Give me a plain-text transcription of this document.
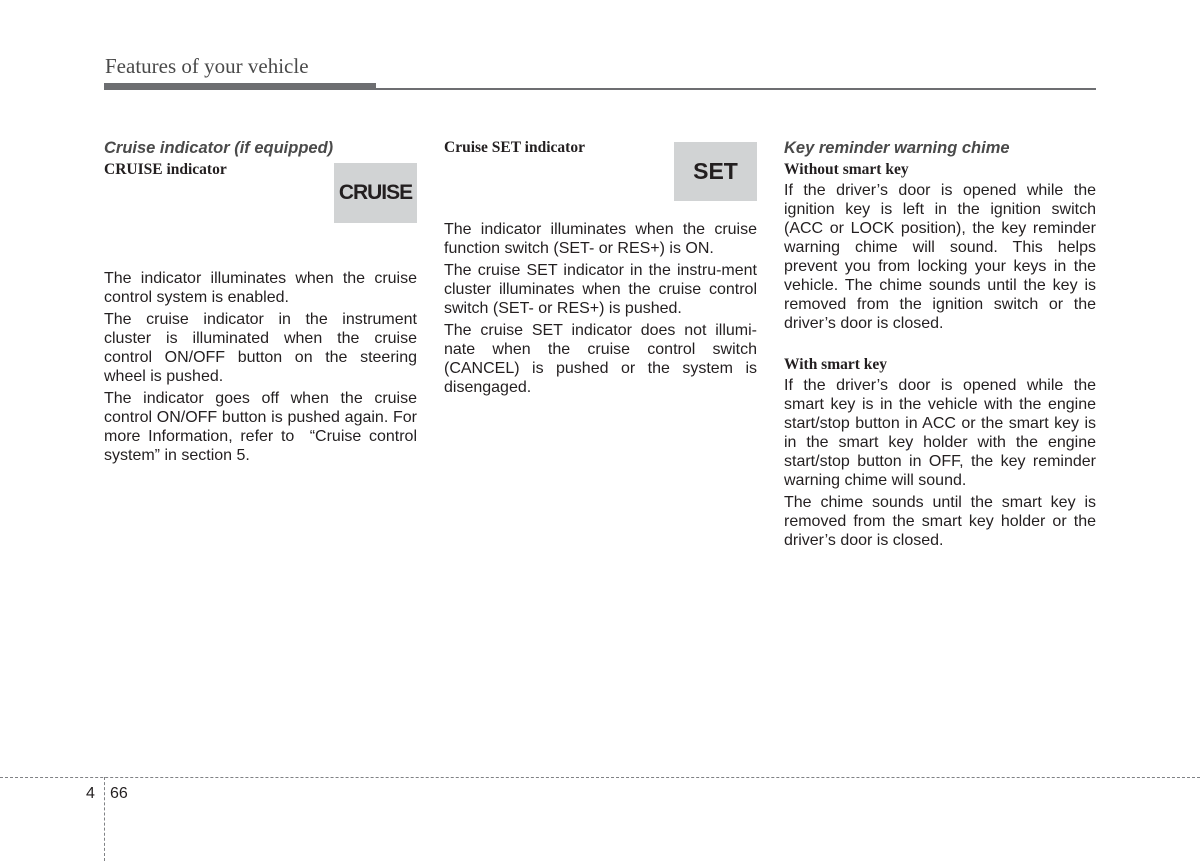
Features of your vehicle
Cruise indicator (if equipped)
CRUISE indicator
CRUISE

The indicator illuminates when the cruise control system is enabled.

The cruise indicator in the instrument cluster is illuminated when the cruise control ON/OFF button on the steering wheel is pushed.

The indicator goes off when the cruise control ON/OFF button is pushed again. For more Information, refer to  “Cruise control system” in section 5.

Cruise SET indicator
SET

The indicator illuminates when the cruise function switch (SET- or RES+) is ON.

The cruise SET indicator in the instru-ment cluster illuminates when the cruise control switch (SET- or RES+) is pushed.

The cruise SET indicator does not illumi-nate when the cruise control switch (CANCEL) is pushed or the system is disengaged.

Key reminder warning chime
Without smart key

If the driver’s door is opened while the ignition key is left in the ignition switch (ACC or LOCK position), the key reminder warning chime will sound. This helps prevent you from locking your keys in the vehicle. The chime sounds until the key is removed from the ignition switch or the driver’s door is closed.

With smart key

If the driver’s door is opened while the smart key is in the vehicle with the engine start/stop button in ACC or the smart key is in the smart key holder with the engine start/stop button in OFF, the key reminder warning chime will sound.

The chime sounds until the smart key is removed from the smart key holder or the driver’s door is closed.

4 66
